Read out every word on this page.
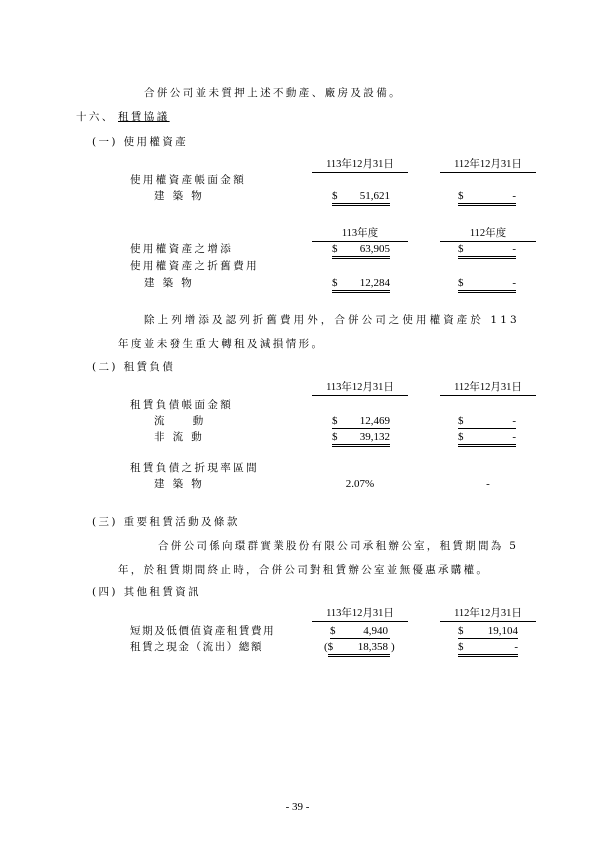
合併公司並未質押上述不動產、廠房及設備。
十六、 租賃協議
(一) 使用權資產
113年12月31日	112年12月31日
使用權資產帳面金額
建 築 物	$	51,621	$	-
113年度	112年度
使用權資產之增添	$	63,905	$	-
使用權資產之折舊費用
建 築 物	$	12,284	$	-
除上列增添及認列折舊費用外，合併公司之使用權資產於 113
年度並未發生重大轉租及減損情形。
(二) 租賃負債
113年12月31日	112年12月31日
租賃負債帳面金額
流　　動	$	12,469	$	-
非 流 動	$	39,132	$	-
租賃負債之折現率區間
建 築 物	2.07%	-
(三) 重要租賃活動及條款
合併公司係向環群實業股份有限公司承租辦公室，租賃期間為 5
年，於租賃期間終止時，合併公司對租賃辦公室並無優惠承購權。
(四) 其他租賃資訊
113年12月31日	112年12月31日
短期及低價值資產租賃費用	$	4,940	$	19,104
租賃之現金（流出）總額	($	18,358 )	$	-
- 39 -
